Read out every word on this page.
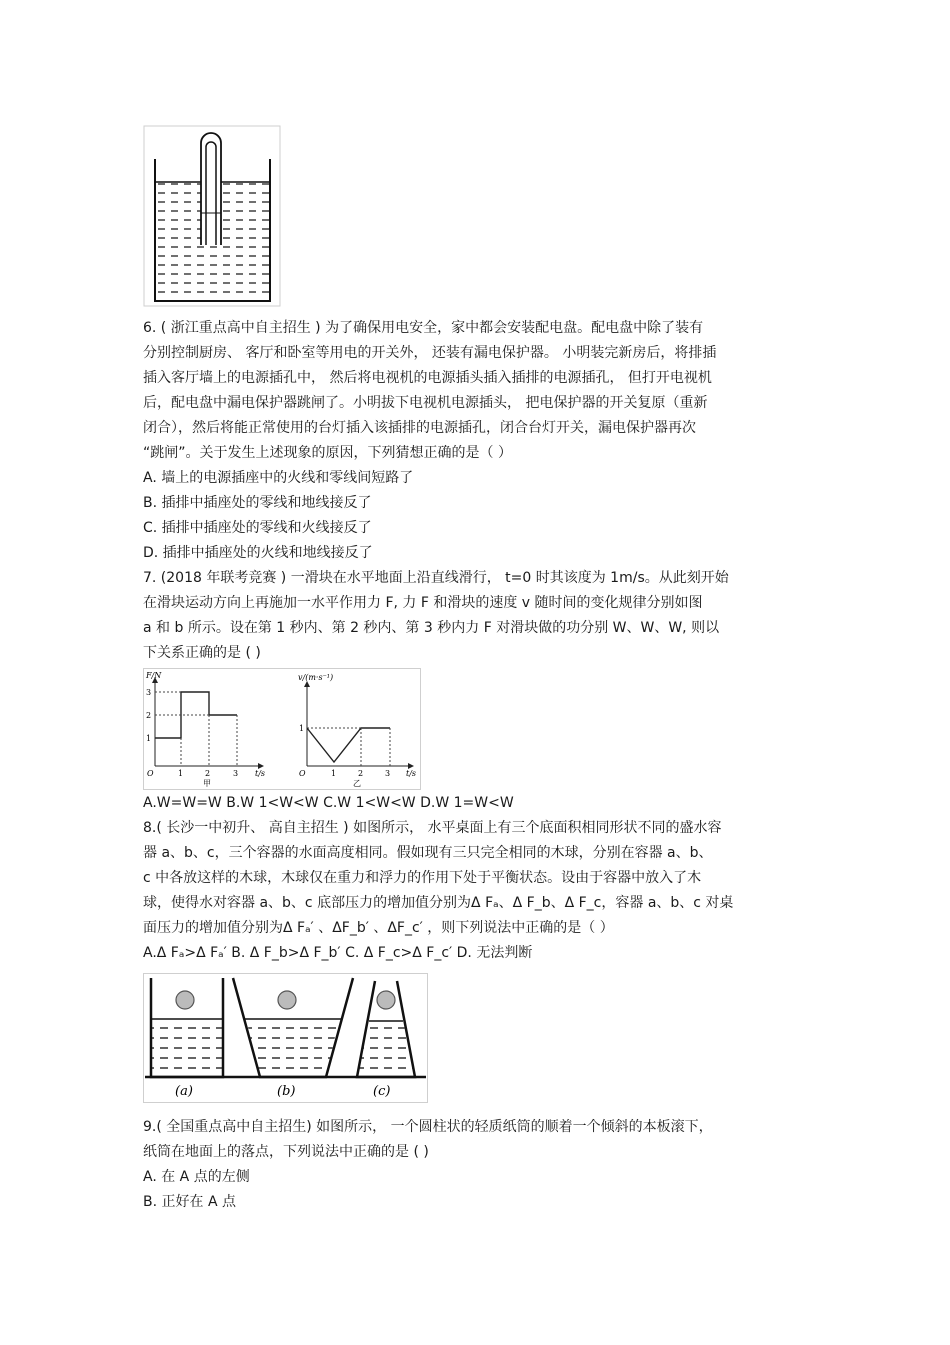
6. ( 浙江重点高中自主招生 ) 为了确保用电安全，家中都会安装配电盘。配电盘中除了装有
分别控制厨房、 客厅和卧室等用电的开关外， 还装有漏电保护器。 小明装完新房后，将排插
插入客厅墙上的电源插孔中， 然后将电视机的电源插头插入插排的电源插孔， 但打开电视机
后，配电盘中漏电保护器跳闸了。小明拔下电视机电源插头， 把电保护器的开关复原（重新
闭合），然后将能正常使用的台灯插入该插排的电源插孔，闭合台灯开关，漏电保护器再次
“跳闸”。关于发生上述现象的原因，下列猜想正确的是（ ）
A. 墙上的电源插座中的火线和零线间短路了
B. 插排中插座处的零线和地线接反了
C. 插排中插座处的零线和火线接反了
D. 插排中插座处的火线和地线接反了
7. (2018 年联考竞赛 ) 一滑块在水平地面上沿直线滑行， t=0 时其该度为 1m/s。从此刻开始
在滑块运动方向上再施加一水平作用力 F, 力 F 和滑块的速度 v 随时间的变化规律分别如图
a 和 b 所示。设在第 1 秒内、第 2 秒内、第 3 秒内力 F 对滑块做的功分别 W、W、W, 则以
下关系正确的是 ( )
F/N
t/s
3
2
1
O	1	2	3
甲
v/(m·s⁻¹)
t/s
1
O	1	2	3
乙
A.W=W=W B.W 1<W<W C.W 1<W<W D.W 1=W<W
8.( 长沙一中初升、 高自主招生 ) 如图所示， 水平桌面上有三个底面积相同形状不同的盛水容
器 a、b、c，三个容器的水面高度相同。假如现有三只完全相同的木球，分别在容器 a、b、
c 中各放这样的木球，木球仅在重力和浮力的作用下处于平衡状态。设由于容器中放入了木
球，使得水对容器 a、b、c 底部压力的增加值分别为Δ Fₐ、Δ F_b、Δ F_c，容器 a、b、c 对桌
面压力的增加值分别为Δ Fₐ′ 、ΔF_b′ 、ΔF_c′ ，则下列说法中正确的是（ ）
A.Δ Fₐ>Δ Fₐ′ B. Δ F_b>Δ F_b′ C. Δ F_c>Δ F_c′ D. 无法判断
(a)	(b)	(c)
9.( 全国重点高中自主招生) 如图所示， 一个圆柱状的轻质纸筒的顺着一个倾斜的本板滚下，
纸筒在地面上的落点，下列说法中正确的是 ( )
A. 在 A 点的左侧
B. 正好在 A 点
